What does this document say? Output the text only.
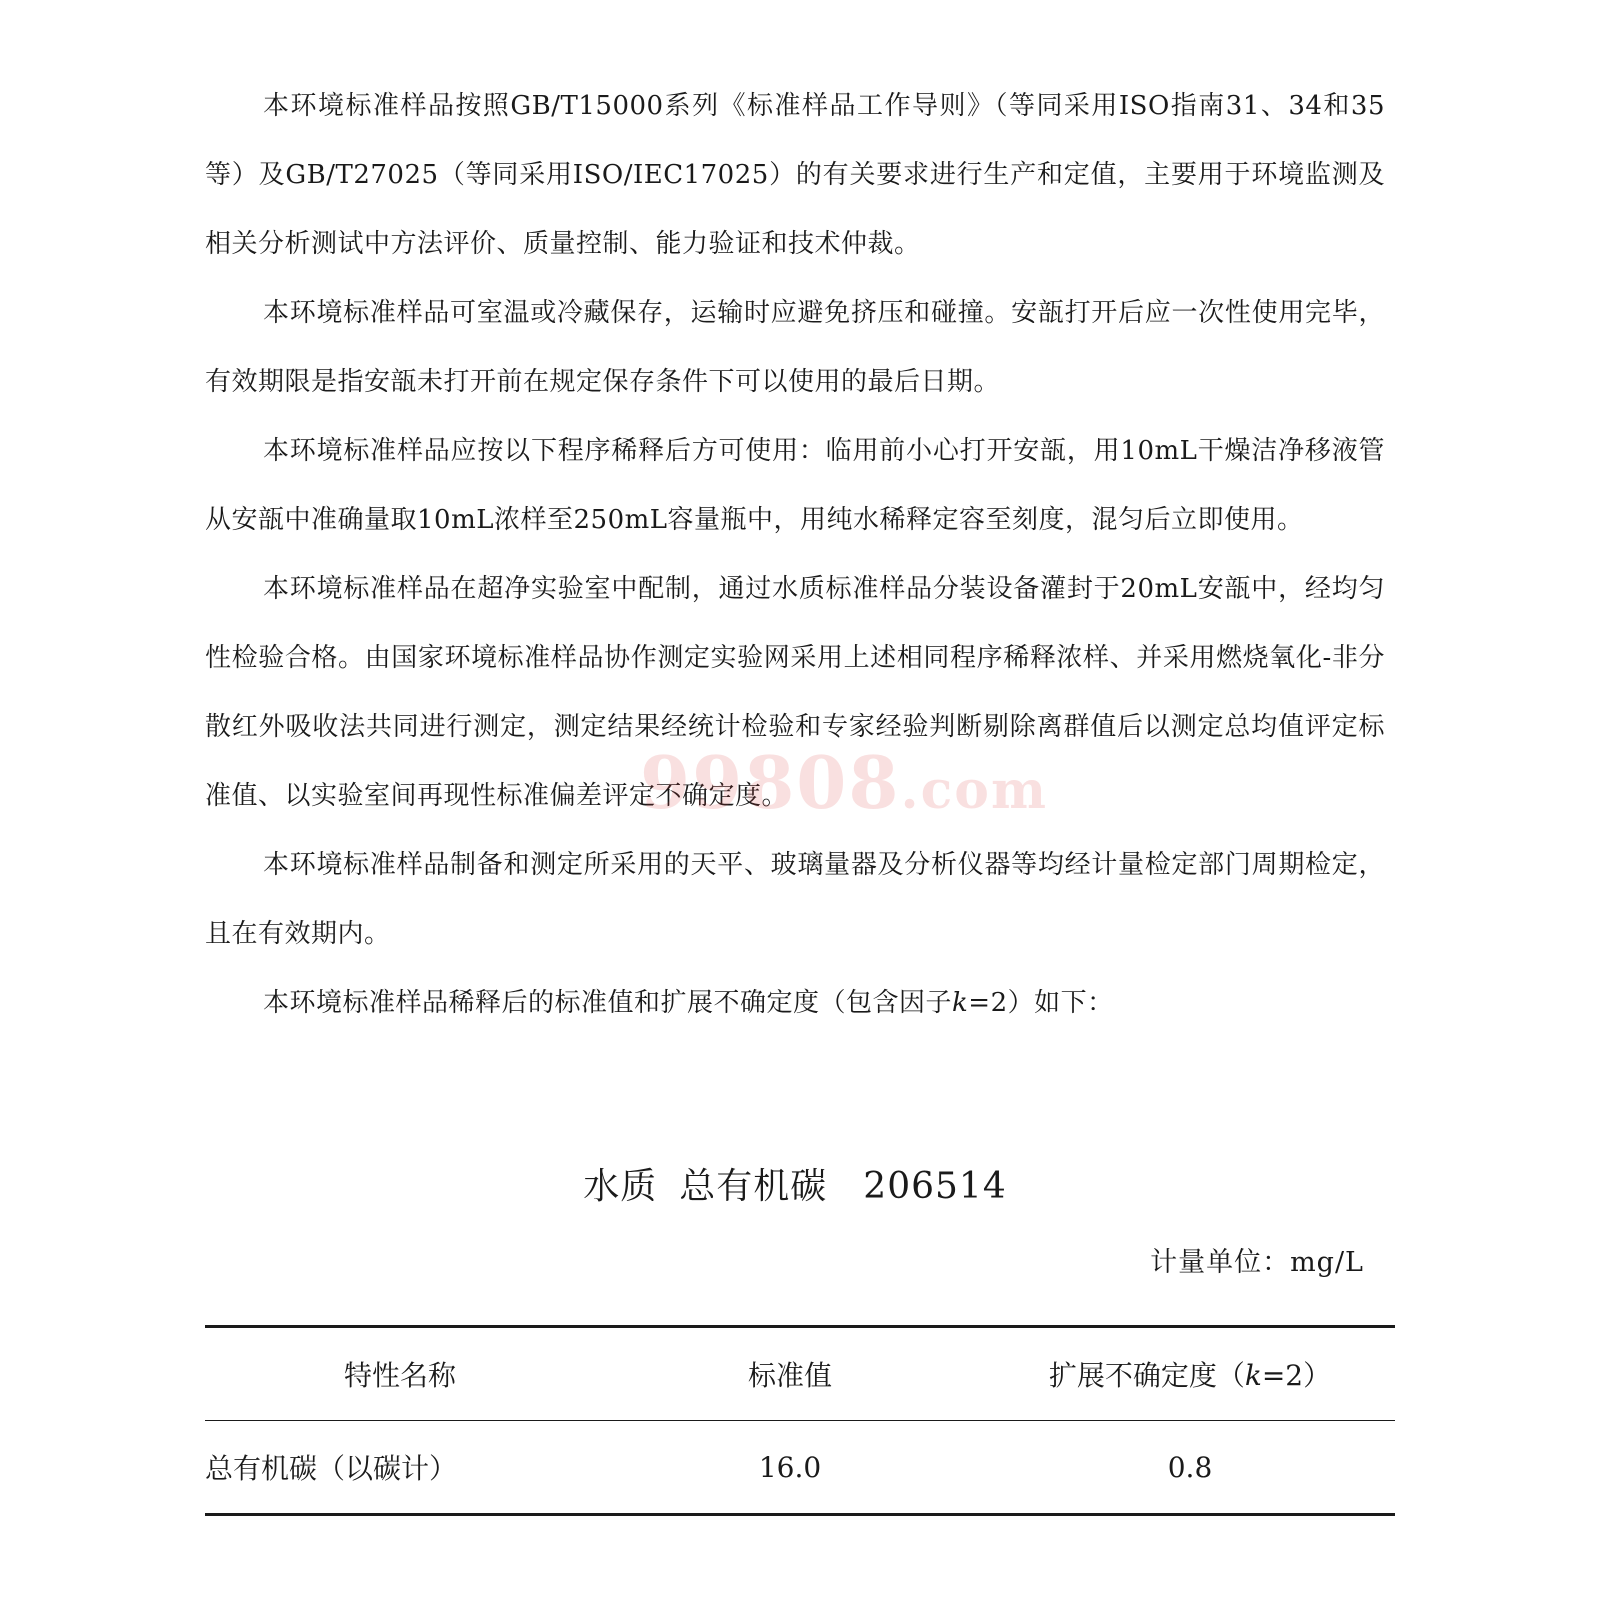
本环境标准样品按照GB/T15000系列《标准样品工作导则》（等同采用ISO指南31、34和35等）及GB/T27025（等同采用ISO/IEC17025）的有关要求进行生产和定值，主要用于环境监测及相关分析测试中方法评价、质量控制、能力验证和技术仲裁。

本环境标准样品可室温或冷藏保存，运输时应避免挤压和碰撞。安瓿打开后应一次性使用完毕，有效期限是指安瓿未打开前在规定保存条件下可以使用的最后日期。

本环境标准样品应按以下程序稀释后方可使用：临用前小心打开安瓿，用10mL干燥洁净移液管从安瓿中准确量取10mL浓样至250mL容量瓶中，用纯水稀释定容至刻度，混匀后立即使用。

本环境标准样品在超净实验室中配制，通过水质标准样品分装设备灌封于20mL安瓿中，经均匀性检验合格。由国家环境标准样品协作测定实验网采用上述相同程序稀释浓样、并采用燃烧氧化-非分散红外吸收法共同进行测定，测定结果经统计检验和专家经验判断剔除离群值后以测定总均值评定标准值、以实验室间再现性标准偏差评定不确定度。

本环境标准样品制备和测定所采用的天平、玻璃量器及分析仪器等均经计量检定部门周期检定，且在有效期内。

本环境标准样品稀释后的标准值和扩展不确定度（包含因子k=2）如下：

99808.com
水质 总有机碳 206514
计量单位：mg/L
特性名称	标准值	扩展不确定度（k=2）
总有机碳（以碳计）	16.0	0.8
